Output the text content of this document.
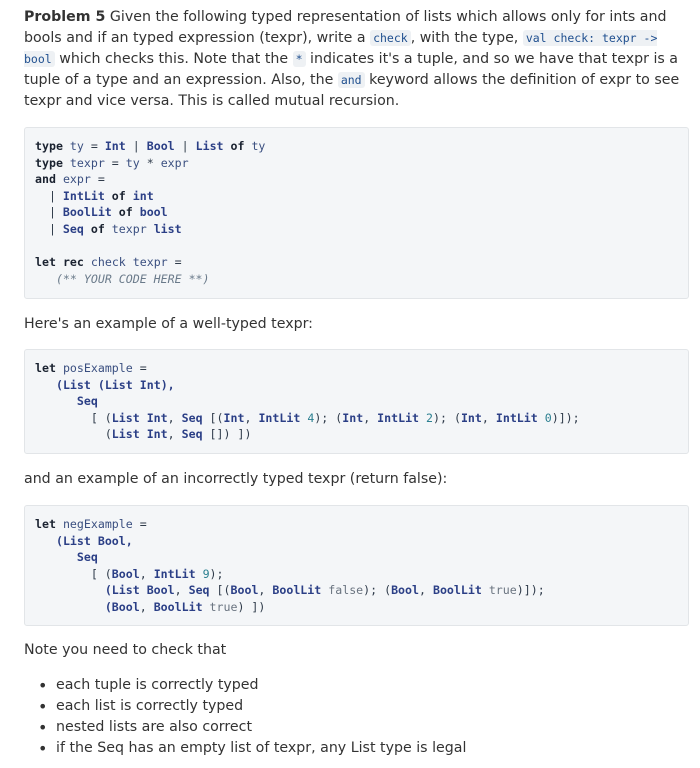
Problem 5 Given the following typed representation of lists which allows only for ints and bools and if an typed expression (texpr), write a check , with the type, val check: texpr -> bool which checks this. Note that the * indicates it's a tuple, and so we have that texpr is a tuple of a type and an expression. Also, the and keyword allows the definition of expr to see texpr and vice versa. This is called mutual recursion.

type ty = Int | Bool | List of ty
type texpr = ty * expr
and expr =
| IntLit of int
| BoolLit of bool
| Seq of texpr list

let rec check texpr =
(** YOUR CODE HERE **)

Here's an example of a well-typed texpr:

let posExample =
(List (List Int),
Seq
[ (List Int, Seq [(Int, IntLit 4); (Int, IntLit 2); (Int, IntLit 0)]);
(List Int, Seq []) ])

and an example of an incorrectly typed texpr (return false):

let negExample =
(List Bool,
Seq
[ (Bool, IntLit 9);
(List Bool, Seq [(Bool, BoolLit false); (Bool, BoolLit true)]);
(Bool, BoolLit true) ])

Note you need to check that

• each tuple is correctly typed
• each list is correctly typed
• nested lists are also correct
• if the Seq has an empty list of texpr, any List type is legal
